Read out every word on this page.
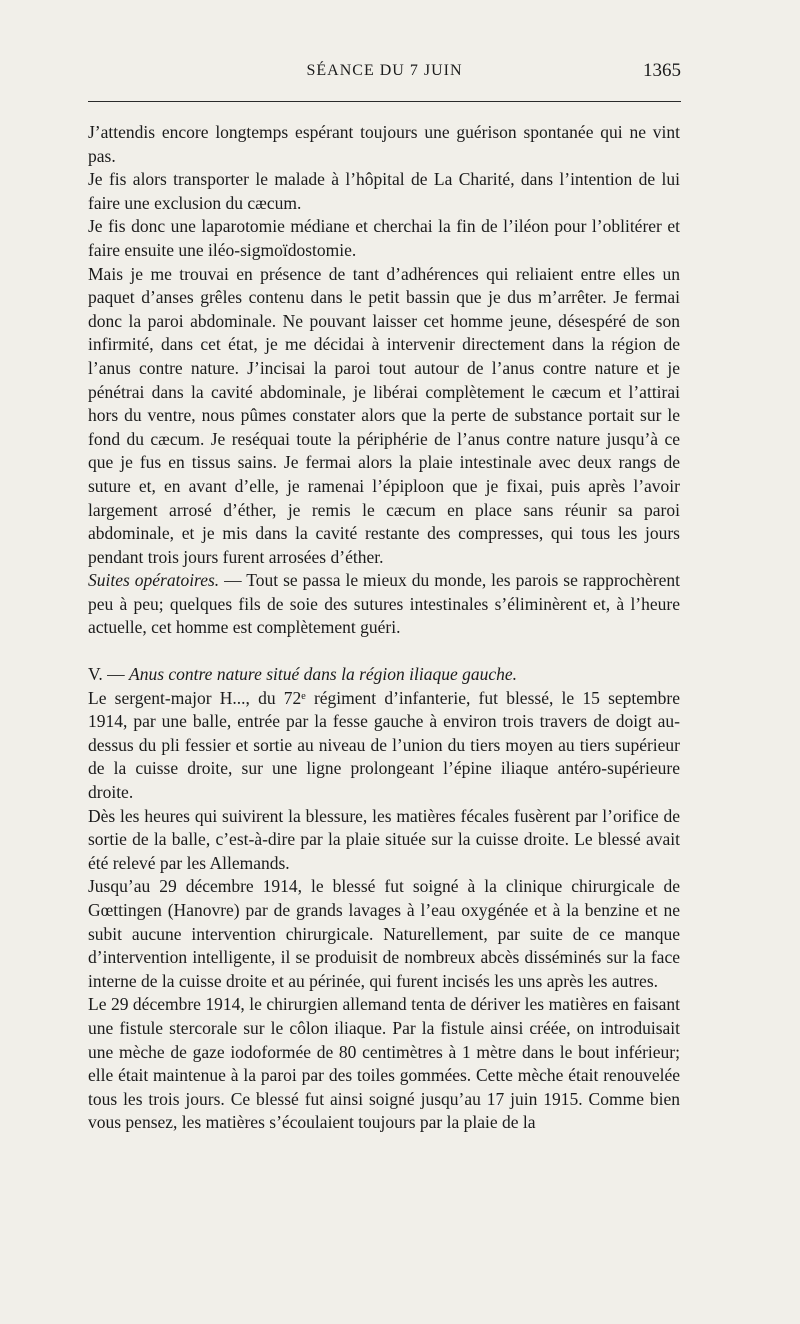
SÉANCE DU 7 JUIN	1365

J’attendis encore longtemps espérant toujours une guérison spontanée qui ne vint pas.

Je fis alors transporter le malade à l’hôpital de La Charité, dans l’intention de lui faire une exclusion du cæcum.

Je fis donc une laparotomie médiane et cherchai la fin de l’iléon pour l’oblitérer et faire ensuite une iléo-sigmoïdostomie.

Mais je me trouvai en présence de tant d’adhérences qui reliaient entre elles un paquet d’anses grêles contenu dans le petit bassin que je dus m’arrêter. Je fermai donc la paroi abdominale. Ne pouvant laisser cet homme jeune, désespéré de son infirmité, dans cet état, je me décidai à intervenir directement dans la région de l’anus contre nature. J’incisai la paroi tout autour de l’anus contre nature et je pénétrai dans la cavité abdominale, je libérai complètement le cæcum et l’attirai hors du ventre, nous pûmes constater alors que la perte de substance portait sur le fond du cæcum. Je reséquai toute la périphérie de l’anus contre nature jusqu’à ce que je fus en tissus sains. Je fermai alors la plaie intestinale avec deux rangs de suture et, en avant d’elle, je ramenai l’épiploon que je fixai, puis après l’avoir largement arrosé d’éther, je remis le cæcum en place sans réunir sa paroi abdominale, et je mis dans la cavité restante des compresses, qui tous les jours pendant trois jours furent arrosées d’éther.

Suites opératoires. — Tout se passa le mieux du monde, les parois se rapprochèrent peu à peu; quelques fils de soie des sutures intestinales s’éliminèrent et, à l’heure actuelle, cet homme est complètement guéri.

V. — Anus contre nature situé dans la région iliaque gauche.

Le sergent-major H..., du 72ᵉ régiment d’infanterie, fut blessé, le 15 septembre 1914, par une balle, entrée par la fesse gauche à environ trois travers de doigt au-dessus du pli fessier et sortie au niveau de l’union du tiers moyen au tiers supérieur de la cuisse droite, sur une ligne prolongeant l’épine iliaque antéro-supérieure droite.

Dès les heures qui suivirent la blessure, les matières fécales fusèrent par l’orifice de sortie de la balle, c’est-à-dire par la plaie située sur la cuisse droite. Le blessé avait été relevé par les Allemands.

Jusqu’au 29 décembre 1914, le blessé fut soigné à la clinique chirurgicale de Gœttingen (Hanovre) par de grands lavages à l’eau oxygénée et à la benzine et ne subit aucune intervention chirurgicale. Naturellement, par suite de ce manque d’intervention intelligente, il se produisit de nombreux abcès disséminés sur la face interne de la cuisse droite et au périnée, qui furent incisés les uns après les autres.

Le 29 décembre 1914, le chirurgien allemand tenta de dériver les matières en faisant une fistule stercorale sur le côlon iliaque. Par la fistule ainsi créée, on introduisait une mèche de gaze iodoformée de 80 centimètres à 1 mètre dans le bout inférieur; elle était maintenue à la paroi par des toiles gommées. Cette mèche était renouvelée tous les trois jours. Ce blessé fut ainsi soigné jusqu’au 17 juin 1915. Comme bien vous pensez, les matières s’écoulaient toujours par la plaie de la
